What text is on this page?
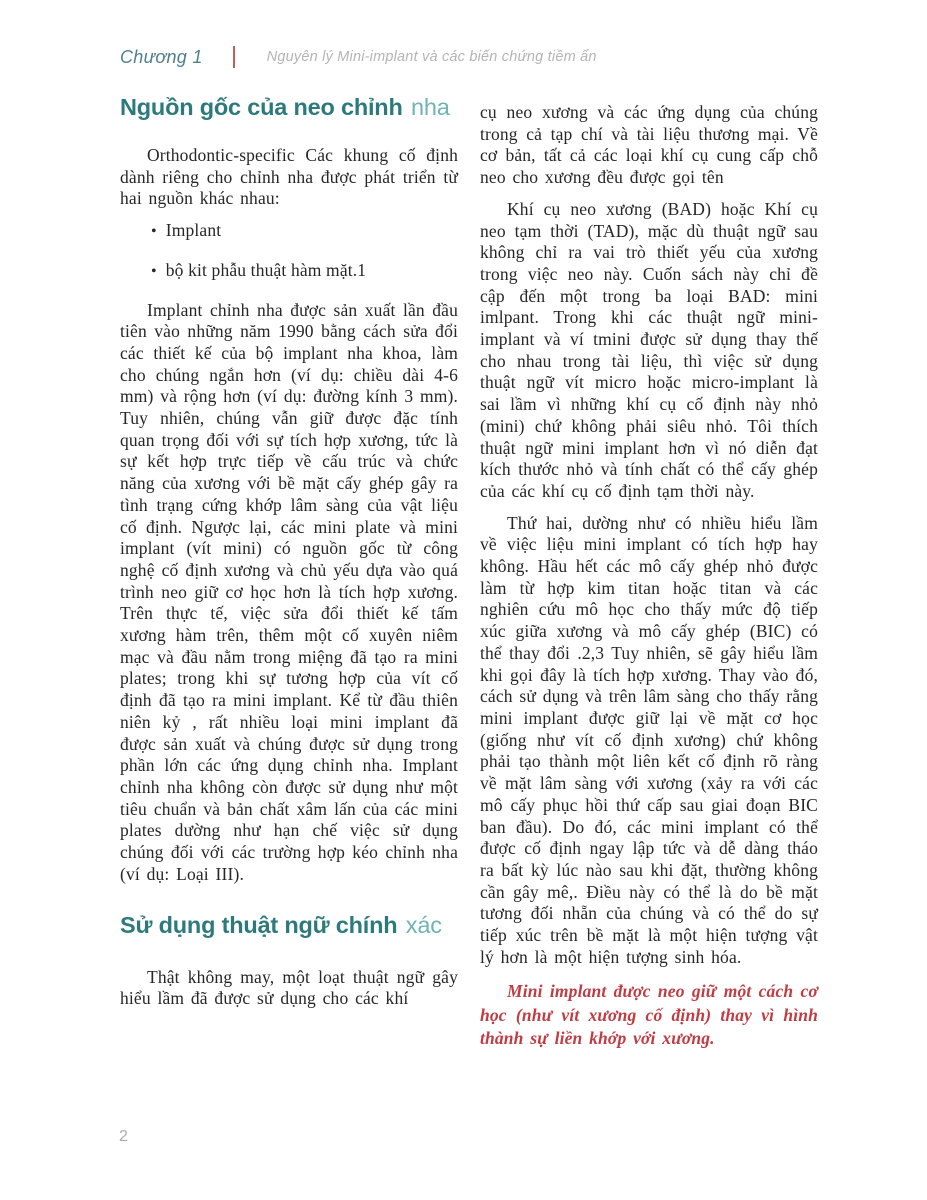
Chương 1	Nguyên lý Mini-implant và các biến chứng tiềm ẩn
Nguồn gốc của neo chỉnh nha

Orthodontic-specific Các khung cố định dành riêng cho chỉnh nha được phát triển từ hai nguồn khác nhau:

• Implant
• bộ kit phẫu thuật hàm mặt.1

Implant chỉnh nha được sản xuất lần đầu tiên vào những năm 1990 bằng cách sửa đổi các thiết kế của bộ implant nha khoa, làm cho chúng ngắn hơn (ví dụ: chiều dài 4-6 mm) và rộng hơn (ví dụ: đường kính 3 mm). Tuy nhiên, chúng vẫn giữ được đặc tính quan trọng đối với sự tích hợp xương, tức là sự kết hợp trực tiếp về cấu trúc và chức năng của xương với bề mặt cấy ghép gây ra tình trạng cứng khớp lâm sàng của vật liệu cố định. Ngược lại, các mini plate và mini implant (vít mini) có nguồn gốc từ công nghệ cố định xương và chủ yếu dựa vào quá trình neo giữ cơ học hơn là tích hợp xương. Trên thực tế, việc sửa đổi thiết kế tấm xương hàm trên, thêm một cố xuyên niêm mạc và đầu nằm trong miệng đã tạo ra mini plates; trong khi sự tương hợp của vít cố định đã tạo ra mini implant. Kể từ đầu thiên niên kỷ , rất nhiều loại mini implant đã được sản xuất và chúng được sử dụng trong phần lớn các ứng dụng chỉnh nha. Implant chỉnh nha không còn được sử dụng như một tiêu chuẩn và bản chất xâm lấn của các mini plates dường như hạn chế việc sử dụng chúng đối với các trường hợp kéo chỉnh nha (ví dụ: Loại III).

Sử dụng thuật ngữ chính xác

Thật không may, một loạt thuật ngữ gây hiểu lầm đã được sử dụng cho các khí

cụ neo xương và các ứng dụng của chúng trong cả tạp chí và tài liệu thương mại. Về cơ bản, tất cả các loại khí cụ cung cấp chỗ neo cho xương đều được gọi tên

Khí cụ neo xương (BAD) hoặc Khí cụ neo tạm thời (TAD), mặc dù thuật ngữ sau không chỉ ra vai trò thiết yếu của xương trong việc neo này. Cuốn sách này chỉ đề cập đến một trong ba loại BAD: mini imlpant. Trong khi các thuật ngữ mini-implant và ví tmini được sử dụng thay thế cho nhau trong tài liệu, thì việc sử dụng thuật ngữ vít micro hoặc micro-implant là sai lầm vì những khí cụ cố định này nhỏ (mini) chứ không phải siêu nhỏ. Tôi thích thuật ngữ mini implant hơn vì nó diễn đạt kích thước nhỏ và tính chất có thể cấy ghép của các khí cụ cố định tạm thời này.

Thứ hai, dường như có nhiều hiểu lầm về việc liệu mini implant có tích hợp hay không. Hầu hết các mô cấy ghép nhỏ được làm từ hợp kim titan hoặc titan và các nghiên cứu mô học cho thấy mức độ tiếp xúc giữa xương và mô cấy ghép (BIC) có thể thay đổi .2,3 Tuy nhiên, sẽ gây hiểu lầm khi gọi đây là tích hợp xương. Thay vào đó, cách sử dụng và trên lâm sàng cho thấy rằng mini implant được giữ lại về mặt cơ học (giống như vít cố định xương) chứ không phải tạo thành một liên kết cố định rõ ràng về mặt lâm sàng với xương (xảy ra với các mô cấy phục hồi thứ cấp sau giai đoạn BIC ban đầu). Do đó, các mini implant có thể được cố định ngay lập tức và dễ dàng tháo ra bất kỳ lúc nào sau khi đặt, thường không cần gây mê,. Điều này có thể là do bề mặt tương đối nhẵn của chúng và có thể do sự tiếp xúc trên bề mặt là một hiện tượng vật lý hơn là một hiện tượng sinh hóa.

Mini implant được neo giữ một cách cơ học (như vít xương cố định) thay vì hình thành sự liền khớp với xương.

2
